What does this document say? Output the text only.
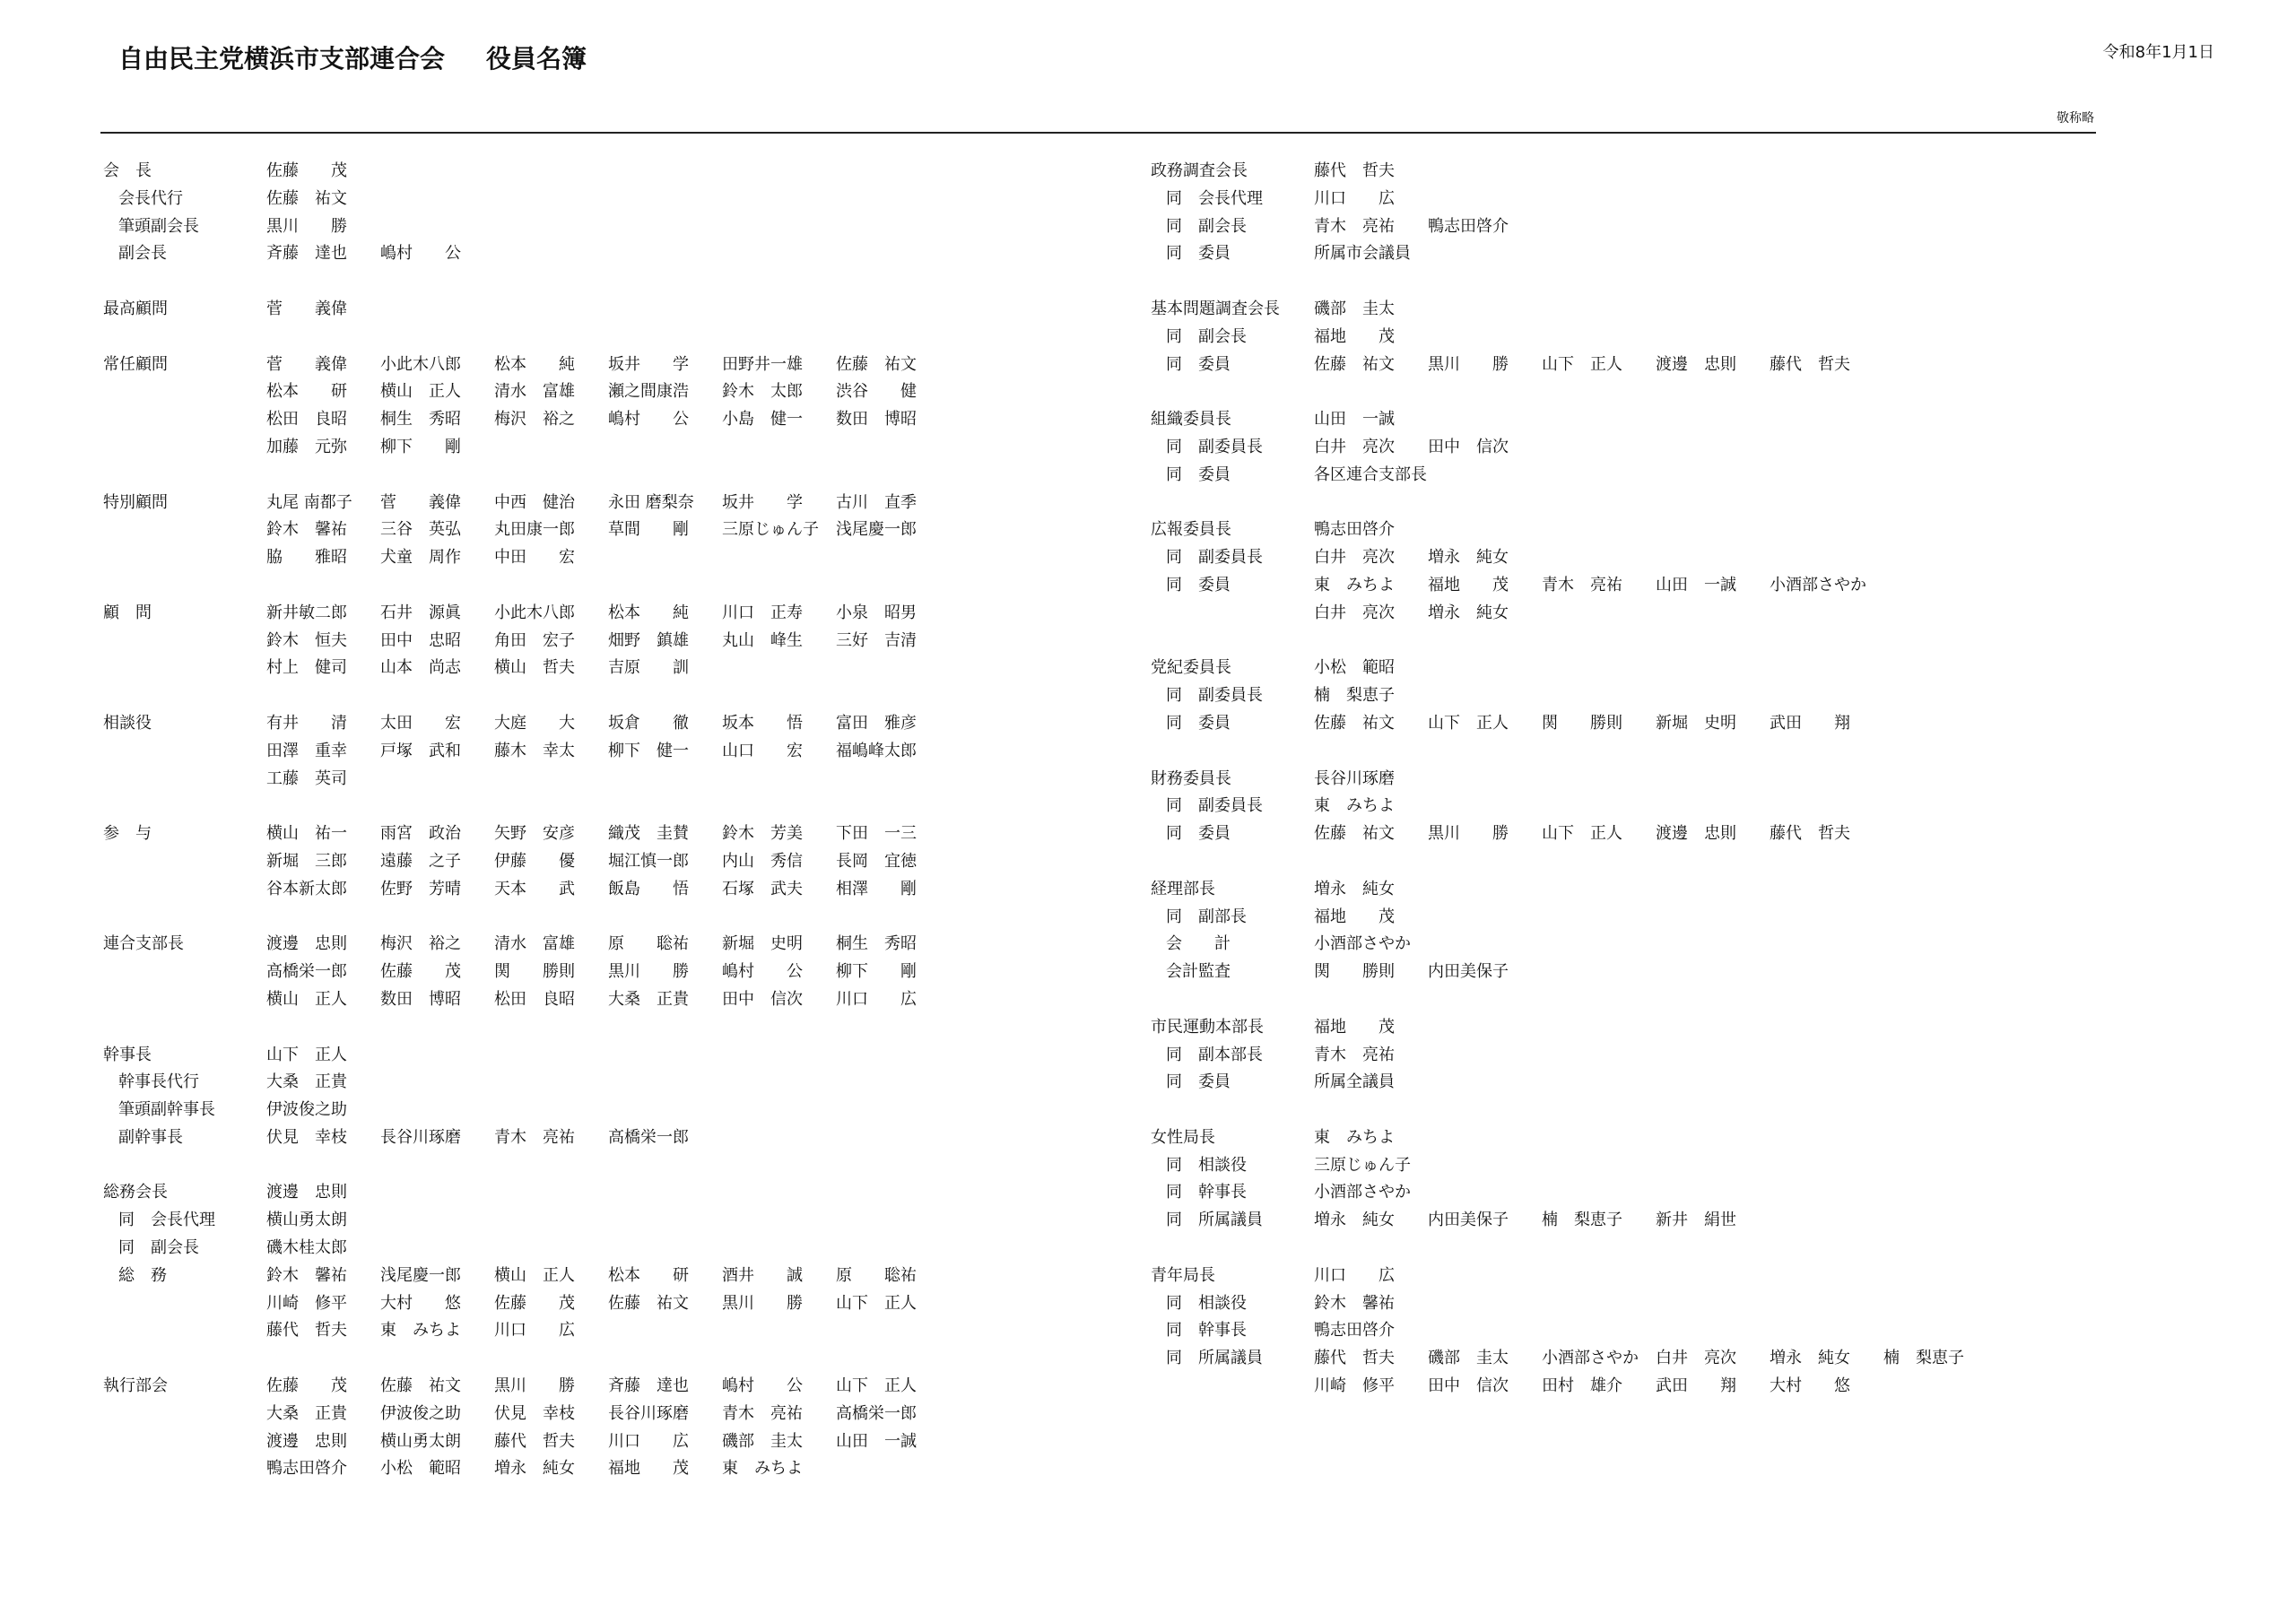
自由民主党横浜市支部連合会 役員名簿	令和8年1月1日
敬称略
会　長	佐藤　　茂
会長代行	佐藤　祐文
筆頭副会長	黒川　　勝
副会長	斉藤　達也	嶋村　　公
最高顧問	菅　　義偉
常任顧問	菅　　義偉	小此木八郎	松本　　純	坂井　　学	田野井一雄	佐藤　祐文
松本　　研	横山　正人	清水　富雄	瀬之間康浩	鈴木　太郎	渋谷　　健
松田　良昭	桐生　秀昭	梅沢　裕之	嶋村　　公	小島　健一	数田　博昭
加藤　元弥	柳下　　剛
特別顧問	丸尾 南都子	菅　　義偉	中西　健治	永田 磨梨奈	坂井　　学	古川　直季
鈴木　馨祐	三谷　英弘	丸田康一郎	草間　　剛	三原じゅん子	浅尾慶一郎
脇　　雅昭	犬童　周作	中田　　宏
顧　問	新井敏二郎	石井　源眞	小此木八郎	松本　　純	川口　正寿	小泉　昭男
鈴木　恒夫	田中　忠昭	角田　宏子	畑野　鎮雄	丸山　峰生	三好　吉清
村上　健司	山本　尚志	横山　哲夫	吉原　　訓
相談役	有井　　清	太田　　宏	大庭　　大	坂倉　　徹	坂本　　悟	富田　雅彦
田澤　重幸	戸塚　武和	藤木　幸太	柳下　健一	山口　　宏	福嶋峰太郎
工藤　英司
参　与	横山　祐一	雨宮　政治	矢野　安彦	織茂　圭賛	鈴木　芳美	下田　一三
新堀　三郎	遠藤　之子	伊藤　　優	堀江慎一郎	内山　秀信	長岡　宜徳
谷本新太郎	佐野　芳晴	天本　　武	飯島　　悟	石塚　武夫	相澤　　剛
連合支部長	渡邊　忠則	梅沢　裕之	清水　富雄	原　　聡祐	新堀　史明	桐生　秀昭
高橋栄一郎	佐藤　　茂	関　　勝則	黒川　　勝	嶋村　　公	柳下　　剛
横山　正人	数田　博昭	松田　良昭	大桑　正貴	田中　信次	川口　　広
幹事長	山下　正人
幹事長代行	大桑　正貴
筆頭副幹事長	伊波俊之助
副幹事長	伏見　幸枝	長谷川琢磨	青木　亮祐	高橋栄一郎
総務会長	渡邊　忠則
同　会長代理	横山勇太朗
同　副会長	磯木桂太郎
総　務	鈴木　馨祐	浅尾慶一郎	横山　正人	松本　　研	酒井　　誠	原　　聡祐
川崎　修平	大村　　悠	佐藤　　茂	佐藤　祐文	黒川　　勝	山下　正人
藤代　哲夫	東　みちよ	川口　　広
執行部会	佐藤　　茂	佐藤　祐文	黒川　　勝	斉藤　達也	嶋村　　公	山下　正人
大桑　正貴	伊波俊之助	伏見　幸枝	長谷川琢磨	青木　亮祐	高橋栄一郎
渡邊　忠則	横山勇太朗	藤代　哲夫	川口　　広	磯部　圭太	山田　一誠
鴨志田啓介	小松　範昭	増永　純女	福地　　茂	東　みちよ
政務調査会長	藤代　哲夫
同　会長代理	川口　　広
同　副会長	青木　亮祐	鴨志田啓介
同　委員	所属市会議員
基本問題調査会長	磯部　圭太
同　副会長	福地　　茂
同　委員	佐藤　祐文	黒川　　勝	山下　正人	渡邊　忠則	藤代　哲夫
組織委員長	山田　一誠
同　副委員長	白井　亮次	田中　信次
同　委員	各区連合支部長
広報委員長	鴨志田啓介
同　副委員長	白井　亮次	増永　純女
同　委員	東　みちよ	福地　　茂	青木　亮祐	山田　一誠	小酒部さやか
白井　亮次	増永　純女
党紀委員長	小松　範昭
同　副委員長	楠　梨恵子
同　委員	佐藤　祐文	山下　正人	関　　勝則	新堀　史明	武田　　翔
財務委員長	長谷川琢磨
同　副委員長	東　みちよ
同　委員	佐藤　祐文	黒川　　勝	山下　正人	渡邊　忠則	藤代　哲夫
経理部長	増永　純女
同　副部長	福地　　茂
会　　計	小酒部さやか
会計監査	関　　勝則	内田美保子
市民運動本部長	福地　　茂
同　副本部長	青木　亮祐
同　委員	所属全議員
女性局長	東　みちよ
同　相談役	三原じゅん子
同　幹事長	小酒部さやか
同　所属議員	増永　純女	内田美保子	楠　梨恵子	新井　絹世
青年局長	川口　　広
同　相談役	鈴木　馨祐
同　幹事長	鴨志田啓介
同　所属議員	藤代　哲夫	磯部　圭太	小酒部さやか	白井　亮次	増永　純女	楠　梨恵子
川崎　修平	田中　信次	田村　雄介	武田　　翔	大村　　悠
